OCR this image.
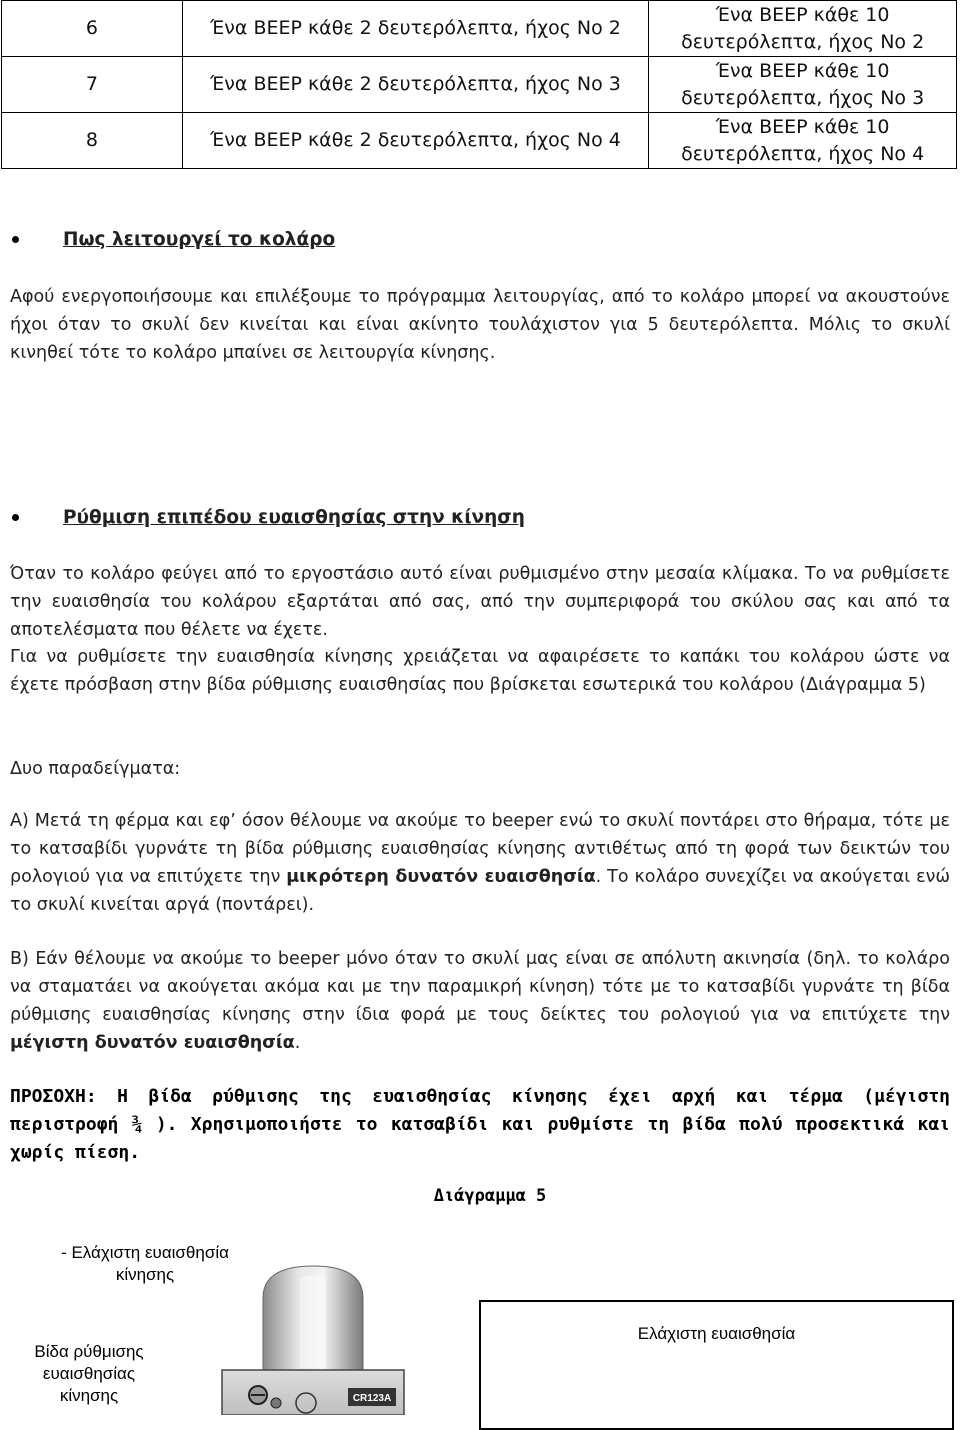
6	Ένα BEEP κάθε 2 δευτερόλεπτα, ήχος Νο 2	Ένα BEEP κάθε 10
δευτερόλεπτα, ήχος Νο 2

7	Ένα BEEP κάθε 2 δευτερόλεπτα, ήχος Νο 3	Ένα BEEP κάθε 10
δευτερόλεπτα, ήχος Νο 3

8	Ένα BEEP κάθε 2 δευτερόλεπτα, ήχος Νο 4	Ένα BEEP κάθε 10
δευτερόλεπτα, ήχος Νο 4
Πως λειτουργεί το κολάρο
Αφού ενεργοποιήσουμε και επιλέξουμε το πρόγραμμα λειτουργίας, από το κολάρο μπορεί να ακουστούνε ήχοι όταν το σκυλί δεν κινείται και είναι ακίνητο τουλάχιστον για 5 δευτερόλεπτα. Μόλις το σκυλί κινηθεί τότε το κολάρο μπαίνει σε λειτουργία κίνησης.
Ρύθμιση επιπέδου ευαισθησίας στην κίνηση
Όταν το κολάρο φεύγει από το εργοστάσιο αυτό είναι ρυθμισμένο στην μεσαία κλίμακα. Το να ρυθμίσετε την ευαισθησία του κολάρου εξαρτάται από σας, από την συμπεριφορά του σκύλου σας και από τα αποτελέσματα που θέλετε να έχετε.
Για να ρυθμίσετε την ευαισθησία κίνησης χρειάζεται να αφαιρέσετε το καπάκι του κολάρου ώστε να έχετε πρόσβαση στην βίδα ρύθμισης ευαισθησίας που βρίσκεται εσωτερικά του κολάρου (Διάγραμμα 5)
Δυο παραδείγματα:
Α) Μετά τη φέρμα και εφ’ όσον θέλουμε να ακούμε το beeper ενώ το σκυλί ποντάρει στο θήραμα, τότε με το κατσαβίδι γυρνάτε τη βίδα ρύθμισης ευαισθησίας κίνησης αντιθέτως από τη φορά των δεικτών του ρολογιού για να επιτύχετε την μικρότερη δυνατόν ευαισθησία. Το κολάρο συνεχίζει να ακούγεται ενώ το σκυλί κινείται αργά (ποντάρει).
Β) Εάν θέλουμε να ακούμε το beeper μόνο όταν το σκυλί μας είναι σε απόλυτη ακινησία (δηλ. το κολάρο να σταματάει να ακούγεται ακόμα και με την παραμικρή κίνηση) τότε με το κατσαβίδι γυρνάτε τη βίδα ρύθμισης ευαισθησίας κίνησης στην ίδια φορά με τους δείκτες του ρολογιού για να επιτύχετε την μέγιστη δυνατόν ευαισθησία.
ΠΡΟΣΟΧΗ: Η βίδα ρύθμισης της ευαισθησίας κίνησης έχει αρχή και τέρμα (μέγιστη περιστροφή ¾ ). Χρησιμοποιήστε το κατσαβίδι και ρυθμίστε τη βίδα πολύ προσεκτικά και χωρίς πίεση.
Διάγραμμα 5
- Ελάχιστη ευαισθησία
κίνησης
Βίδα ρύθμισης
ευαισθησίας
κίνησης	CR123A
Ελάχιστη ευαισθησία
